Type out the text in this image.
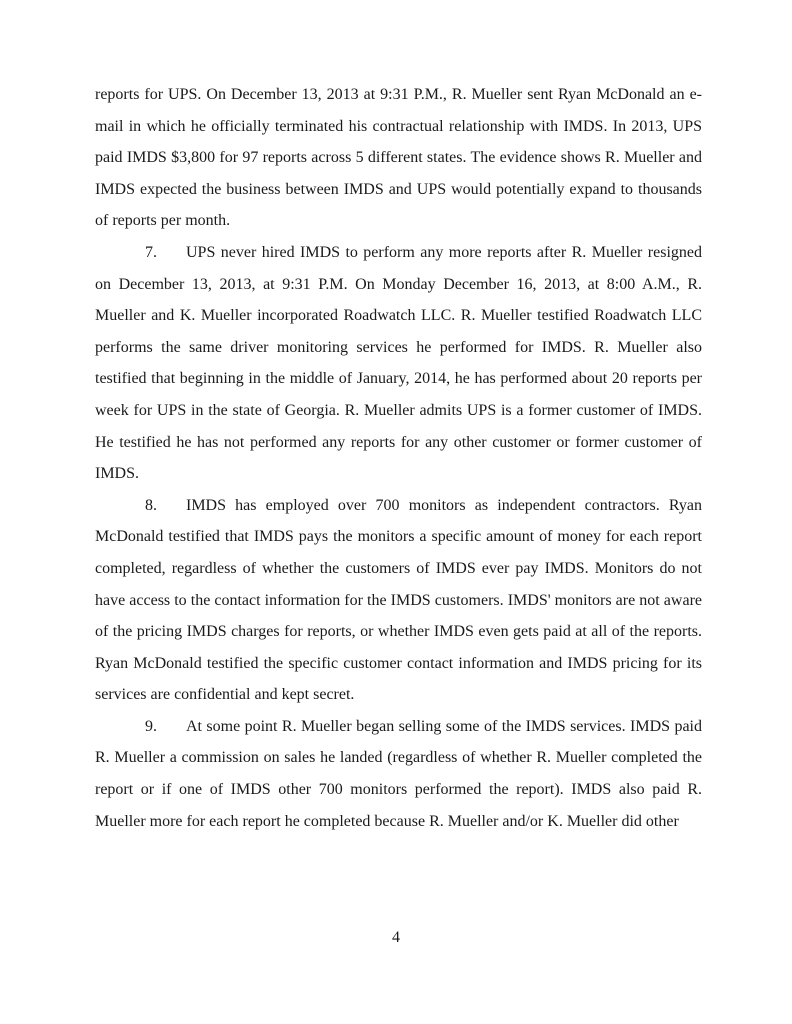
reports for UPS. On December 13, 2013 at 9:31 P.M., R. Mueller sent Ryan McDonald an e-mail in which he officially terminated his contractual relationship with IMDS. In 2013, UPS paid IMDS $3,800 for 97 reports across 5 different states. The evidence shows R. Mueller and IMDS expected the business between IMDS and UPS would potentially expand to thousands of reports per month.

7. UPS never hired IMDS to perform any more reports after R. Mueller resigned on December 13, 2013, at 9:31 P.M. On Monday December 16, 2013, at 8:00 A.M., R. Mueller and K. Mueller incorporated Roadwatch LLC. R. Mueller testified Roadwatch LLC performs the same driver monitoring services he performed for IMDS. R. Mueller also testified that beginning in the middle of January, 2014, he has performed about 20 reports per week for UPS in the state of Georgia. R. Mueller admits UPS is a former customer of IMDS. He testified he has not performed any reports for any other customer or former customer of IMDS.

8. IMDS has employed over 700 monitors as independent contractors. Ryan McDonald testified that IMDS pays the monitors a specific amount of money for each report completed, regardless of whether the customers of IMDS ever pay IMDS. Monitors do not have access to the contact information for the IMDS customers. IMDS' monitors are not aware of the pricing IMDS charges for reports, or whether IMDS even gets paid at all of the reports. Ryan McDonald testified the specific customer contact information and IMDS pricing for its services are confidential and kept secret.

9. At some point R. Mueller began selling some of the IMDS services. IMDS paid R. Mueller a commission on sales he landed (regardless of whether R. Mueller completed the report or if one of IMDS other 700 monitors performed the report). IMDS also paid R. Mueller more for each report he completed because R. Mueller and/or K. Mueller did other

4
